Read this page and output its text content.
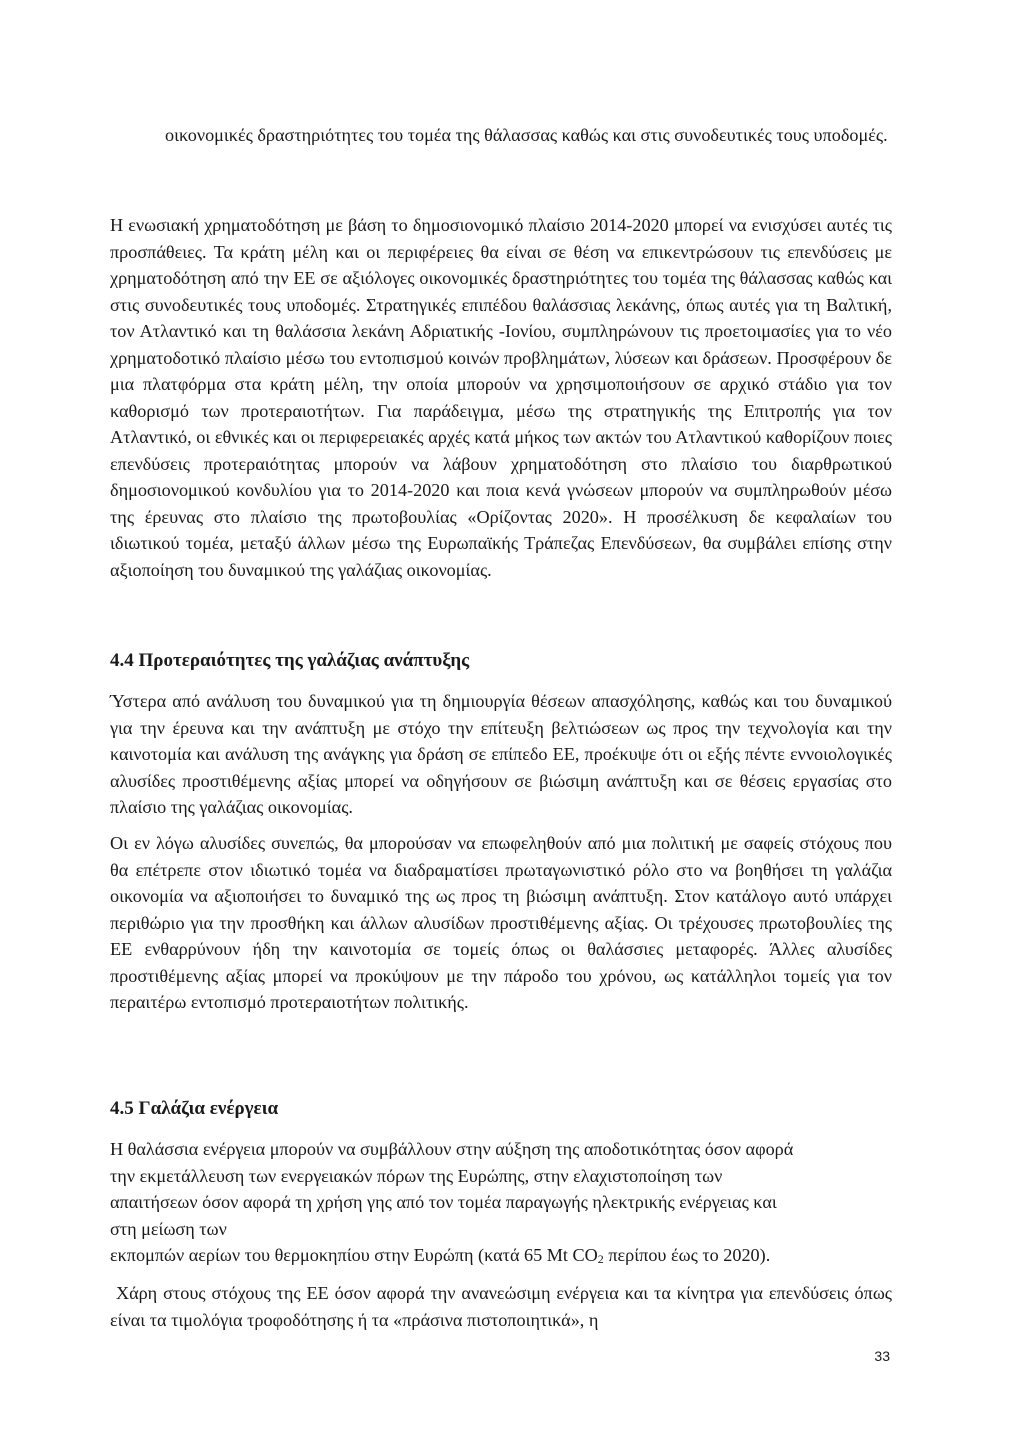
οικονομικές δραστηριότητες του τομέα της θάλασσας καθώς και στις συνοδευτικές τους υποδομές.

Η ενωσιακή χρηματοδότηση με βάση το δημοσιονομικό πλαίσιο 2014-2020 μπορεί να ενισχύσει αυτές τις προσπάθειες. Τα κράτη μέλη και οι περιφέρειες θα είναι σε θέση να επικεντρώσουν τις επενδύσεις με χρηματοδότηση από την ΕΕ σε αξιόλογες οικονομικές δραστηριότητες του τομέα της θάλασσας καθώς και στις συνοδευτικές τους υποδομές. Στρατηγικές επιπέδου θαλάσσιας λεκάνης, όπως αυτές για τη Βαλτική, τον Ατλαντικό και τη θαλάσσια λεκάνη Αδριατικής -Ιονίου, συμπληρώνουν τις προετοιμασίες για το νέο χρηματοδοτικό πλαίσιο μέσω του εντοπισμού κοινών προβλημάτων, λύσεων και δράσεων. Προσφέρουν δε μια πλατφόρμα στα κράτη μέλη, την οποία μπορούν να χρησιμοποιήσουν σε αρχικό στάδιο για τον καθορισμό των προτεραιοτήτων. Για παράδειγμα, μέσω της στρατηγικής της Επιτροπής για τον Ατλαντικό, οι εθνικές και οι περιφερειακές αρχές κατά μήκος των ακτών του Ατλαντικού καθορίζουν ποιες επενδύσεις προτεραιότητας μπορούν να λάβουν χρηματοδότηση στο πλαίσιο του διαρθρωτικού δημοσιονομικού κονδυλίου για το 2014-2020 και ποια κενά γνώσεων μπορούν να συμπληρωθούν μέσω της έρευνας στο πλαίσιο της πρωτοβουλίας «Ορίζοντας 2020». Η προσέλκυση δε κεφαλαίων του ιδιωτικού τομέα, μεταξύ άλλων μέσω της Ευρωπαϊκής Τράπεζας Επενδύσεων, θα συμβάλει επίσης στην αξιοποίηση του δυναμικού της γαλάζιας οικονομίας.

4.4 Προτεραιότητες της γαλάζιας ανάπτυξης

Ύστερα από ανάλυση του δυναμικού για τη δημιουργία θέσεων απασχόλησης, καθώς και του δυναμικού για την έρευνα και την ανάπτυξη με στόχο την επίτευξη βελτιώσεων ως προς την τεχνολογία και την καινοτομία και ανάλυση της ανάγκης για δράση σε επίπεδο ΕΕ, προέκυψε ότι οι εξής πέντε εννοιολογικές αλυσίδες προστιθέμενης αξίας μπορεί να οδηγήσουν σε βιώσιμη ανάπτυξη και σε θέσεις εργασίας στο πλαίσιο της γαλάζιας οικονομίας.

Οι εν λόγω αλυσίδες συνεπώς, θα μπορούσαν να επωφεληθούν από μια πολιτική με σαφείς στόχους που θα επέτρεπε στον ιδιωτικό τομέα να διαδραματίσει πρωταγωνιστικό ρόλο στο να βοηθήσει τη γαλάζια οικονομία να αξιοποιήσει το δυναμικό της ως προς τη βιώσιμη ανάπτυξη. Στον κατάλογο αυτό υπάρχει περιθώριο για την προσθήκη και άλλων αλυσίδων προστιθέμενης αξίας. Οι τρέχουσες πρωτοβουλίες της ΕΕ ενθαρρύνουν ήδη την καινοτομία σε τομείς όπως οι θαλάσσιες μεταφορές. Άλλες αλυσίδες προστιθέμενης αξίας μπορεί να προκύψουν με την πάροδο του χρόνου, ως κατάλληλοι τομείς για τον περαιτέρω εντοπισμό προτεραιοτήτων πολιτικής.

4.5 Γαλάζια ενέργεια

Η θαλάσσια ενέργεια μπορούν να συμβάλλουν στην αύξηση της αποδοτικότητας όσον αφορά

την εκμετάλλευση των ενεργειακών πόρων της Ευρώπης, στην ελαχιστοποίηση των

απαιτήσεων όσον αφορά τη χρήση γης από τον τομέα παραγωγής ηλεκτρικής ενέργειας και

στη μείωση των

εκπομπών αερίων του θερμοκηπίου στην Ευρώπη (κατά 65 Mt $CO_2$ περίπου έως το 2020).

Χάρη στους στόχους της ΕΕ όσον αφορά την ανανεώσιμη ενέργεια και τα κίνητρα για επενδύσεις όπως είναι τα τιμολόγια τροφοδότησης ή τα «πράσινα πιστοποιητικά», η

33
